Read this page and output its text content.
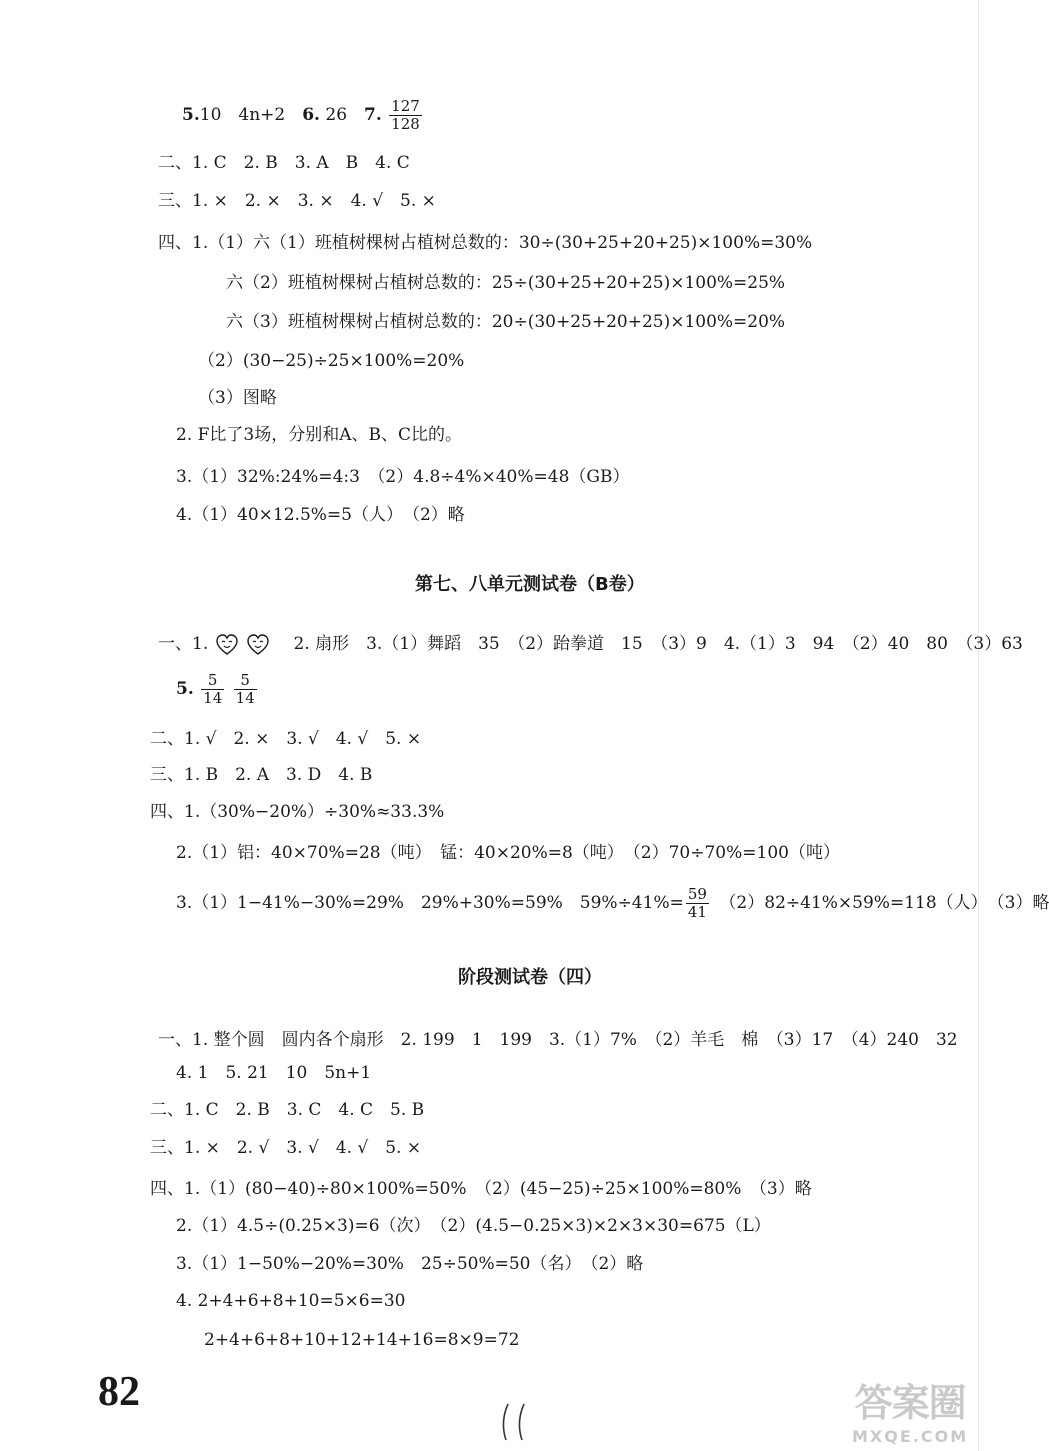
5.10　4n+2　6. 26　7. $\frac{127}{128}$
二、1. C　2. B　3. A　B　4. C
三、1. ×　2. ×　3. ×　4. √　5. ×
四、1.（1）六（1）班植树棵树占植树总数的：30÷(30+25+20+25)×100%=30%
六（2）班植树棵树占植树总数的：25÷(30+25+20+25)×100%=25%
六（3）班植树棵树占植树总数的：20÷(30+25+20+25)×100%=20%
（2）(30−25)÷25×100%=20%
（3）图略
2. F比了3场，分别和A、B、C比的。
3.（1）32%:24%=4:3　（2）4.8÷4%×40%=48（GB）
4.（1）40×12.5%=5（人）　（2）略
第七、八单元测试卷（B卷）
一、1.	　2. 扇形　3.（1）舞蹈　35　（2）跆拳道　15　（3）9　4.（1）3　94　（2）40　80　（3）63
5. $\frac{5}{14}$
$\frac{5}{14}$
二、1. √　2. ×　3. √　4. √　5. ×
三、1. B　2. A　3. D　4. B
四、1.（30%−20%）÷30%≈33.3%
2.（1）铝：40×70%=28（吨）　锰：40×20%=8（吨）　（2）70÷70%=100（吨）
3.（1）1−41%−30%=29%　29%+30%=59%　$59\%\div 41\%= \frac{59}{41}$ 　（2）82÷41%×59%=118（人）　（3）略
阶段测试卷（四）
一、1. 整个圆　圆内各个扇形　2. 199　1　199　3.（1）7%　（2）羊毛　棉　（3）17　（4）240　32
4. 1　5. 21　10　5n+1
二、1. C　2. B　3. C　4. C　5. B
三、1. ×　2. √　3. √　4. √　5. ×
四、1.（1）(80−40)÷80×100%=50%　（2）(45−25)÷25×100%=80%　（3）略
2.（1）4.5÷(0.25×3)=6（次）　（2）(4.5−0.25×3)×2×3×30=675（L）
3.（1）1−50%−20%=30%　25÷50%=50（名）　（2）略
4. 2+4+6+8+10=5×6=30
2+4+6+8+10+12+14+16=8×9=72
82	答案圈
MXQE.COM
